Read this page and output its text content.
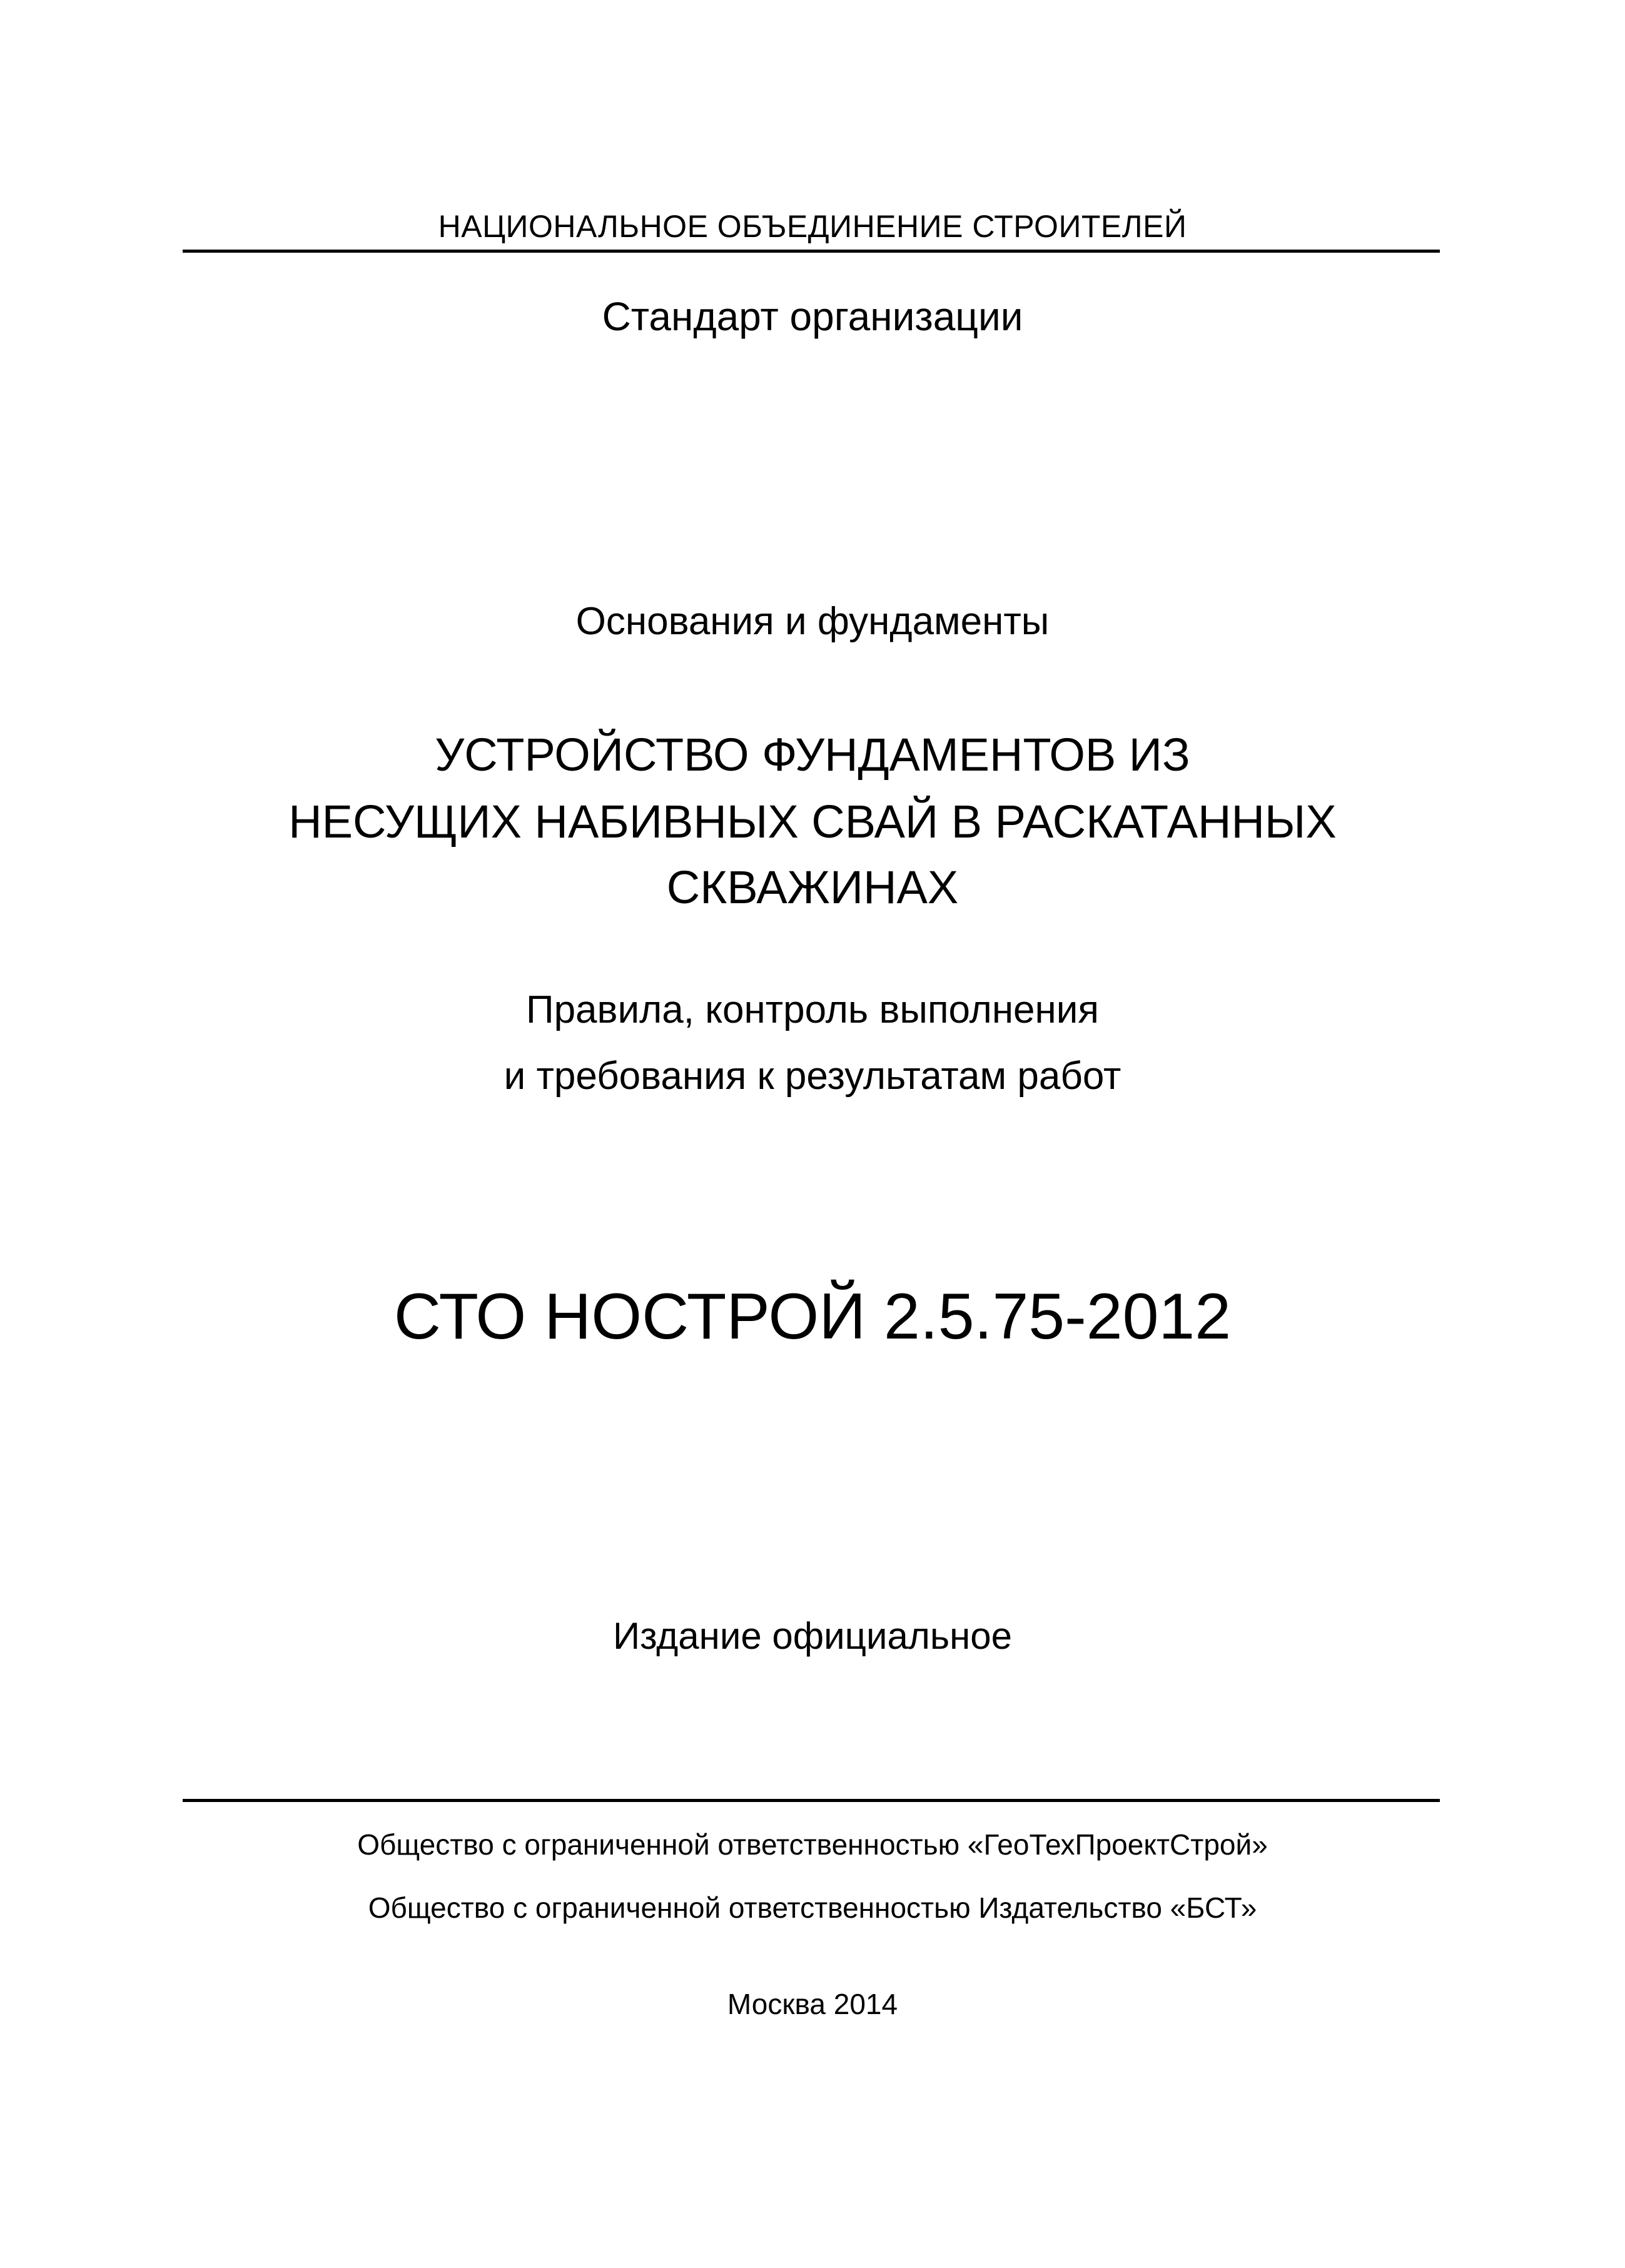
НАЦИОНАЛЬНОЕ ОБЪЕДИНЕНИЕ СТРОИТЕЛЕЙ
Стандарт организации
Основания и фундаменты
УСТРОЙСТВО ФУНДАМЕНТОВ ИЗ
НЕСУЩИХ НАБИВНЫХ СВАЙ В РАСКАТАННЫХ
СКВАЖИНАХ
Правила, контроль выполнения
и требования к результатам работ
СТО НОСТРОЙ 2.5.75-2012
Издание официальное
Общество с ограниченной ответственностью «ГеоТехПроектСтрой»
Общество с ограниченной ответственностью Издательство «БСТ»
Москва 2014
